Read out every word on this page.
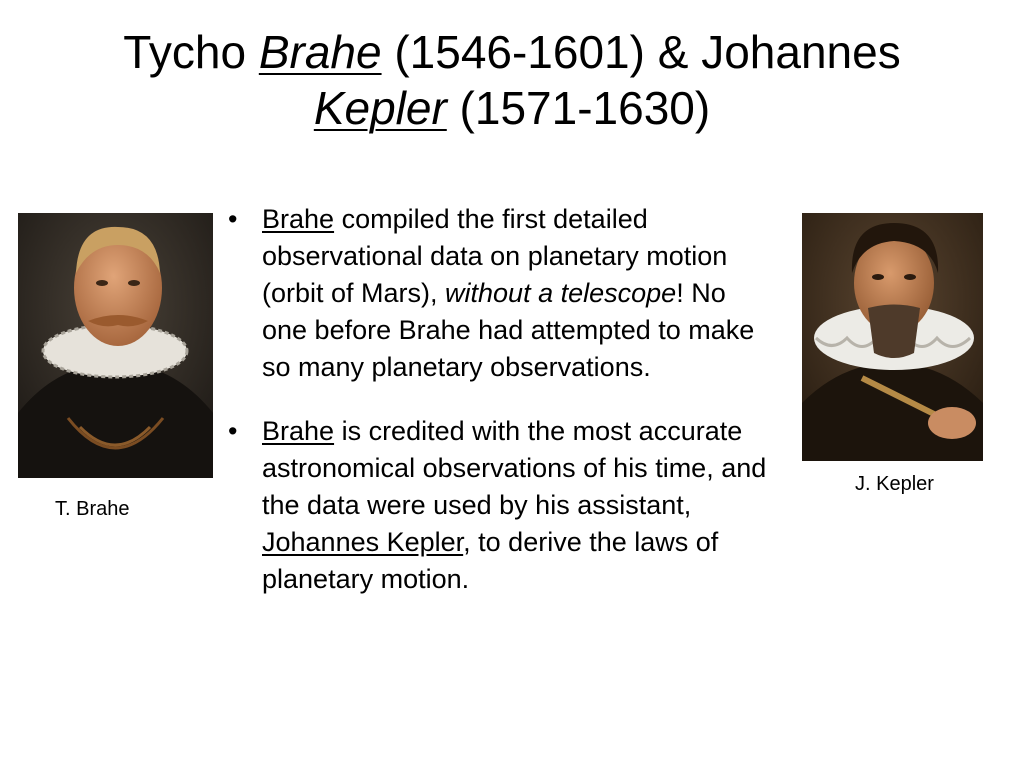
Tycho Brahe (1546-1601) & Johannes
Kepler (1571-1630)
T. Brahe
• Brahe compiled the first detailed observational data on planetary motion (orbit of Mars), without a telescope! No one before Brahe had attempted to make so many planetary observations.
• Brahe is credited with the most accurate astronomical observations of his time, and the data were used by his assistant, Johannes Kepler, to derive the laws of planetary motion.
J. Kepler
